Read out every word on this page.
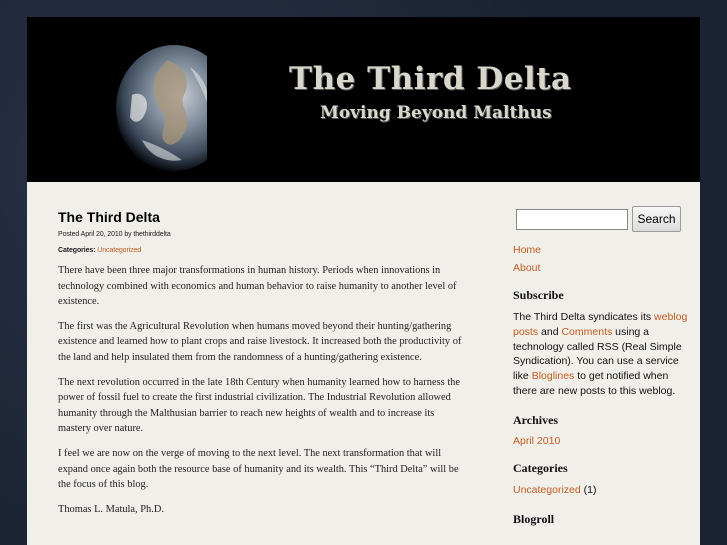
The Third Delta
Moving Beyond Malthus
The Third Delta
Posted April 20, 2010 by thethirddelta
Categories: Uncategorized

There have been three major transformations in human history. Periods when innovations in technology combined with economics and human behavior to raise humanity to another level of existence.

The first was the Agricultural Revolution when humans moved beyond their hunting/gathering existence and learned how to plant crops and raise livestock. It increased both the productivity of the land and help insulated them from the randomness of a hunting/gathering existence.

The next revolution occurred in the late 18th Century when humanity learned how to harness the power of fossil fuel to create the first industrial civilization. The Industrial Revolution allowed humanity through the Malthusian barrier to reach new heights of wealth and to increase its mastery over nature.

I feel we are now on the verge of moving to the next level. The next transformation that will expand once again both the resource base of humanity and its wealth. This “Third Delta” will be the focus of this blog.

Thomas L. Matula, Ph.D.

Search
Home
About
Subscribe
The Third Delta syndicates its weblog posts and Comments using a technology called RSS (Real Simple Syndication). You can use a service like Bloglines to get notified when there are new posts to this weblog.
Archives
April 2010
Categories
Uncategorized (1)
Blogroll
